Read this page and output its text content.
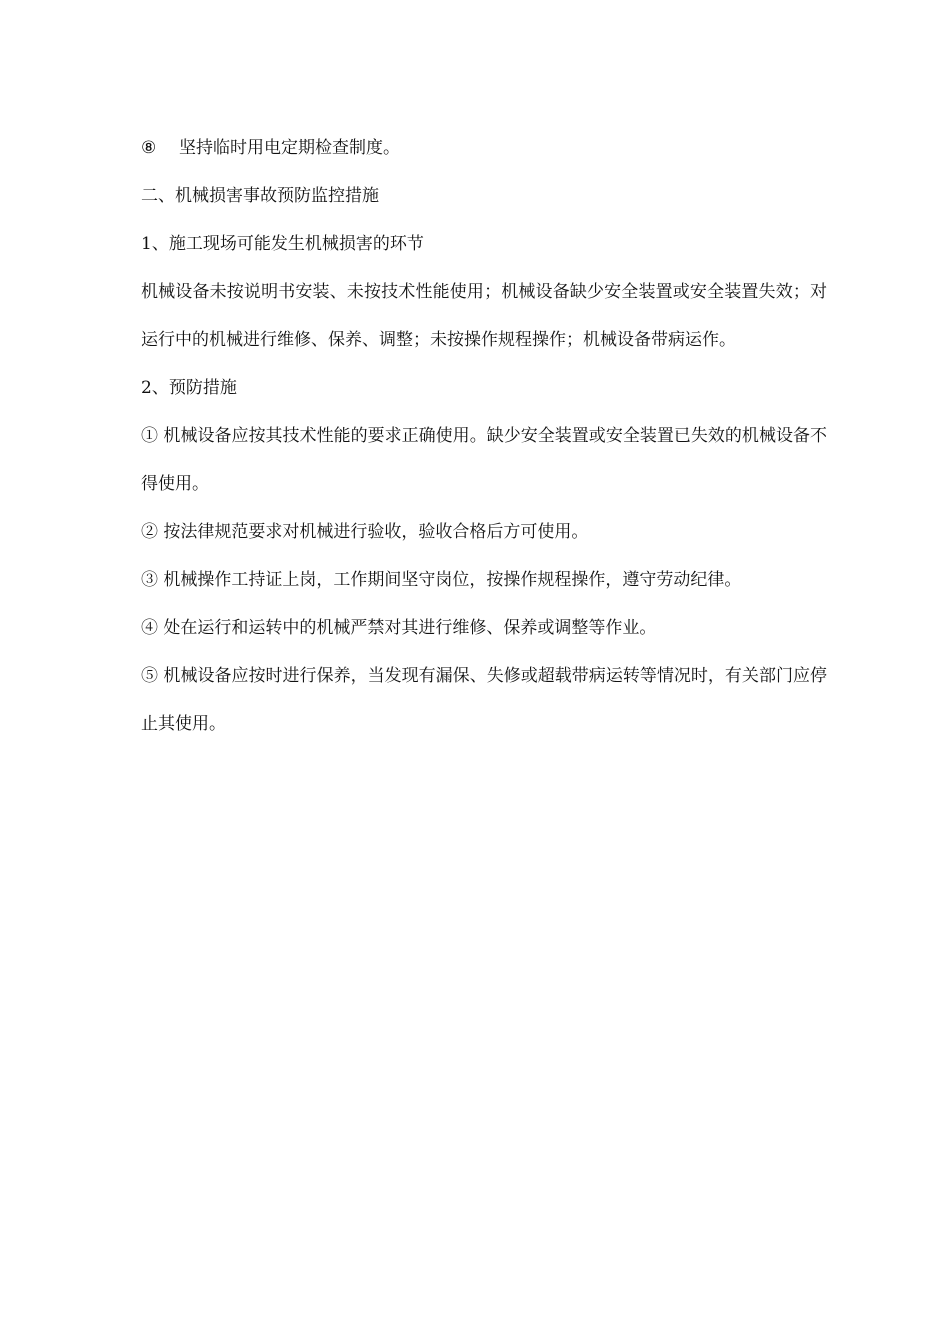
⑧ 坚持临时用电定期检查制度。

二、机械损害事故预防监控措施

1、施工现场可能发生机械损害的环节

机械设备未按说明书安装、未按技术性能使用；机械设备缺少安全装置或安全装置失效；对运行中的机械进行维修、保养、调整；未按操作规程操作；机械设备带病运作。

2、预防措施

① 机械设备应按其技术性能的要求正确使用。缺少安全装置或安全装置已失效的机械设备不得使用。

② 按法律规范要求对机械进行验收，验收合格后方可使用。

③ 机械操作工持证上岗，工作期间坚守岗位，按操作规程操作，遵守劳动纪律。

④ 处在运行和运转中的机械严禁对其进行维修、保养或调整等作业。

⑤ 机械设备应按时进行保养，当发现有漏保、失修或超载带病运转等情况时，有关部门应停止其使用。
